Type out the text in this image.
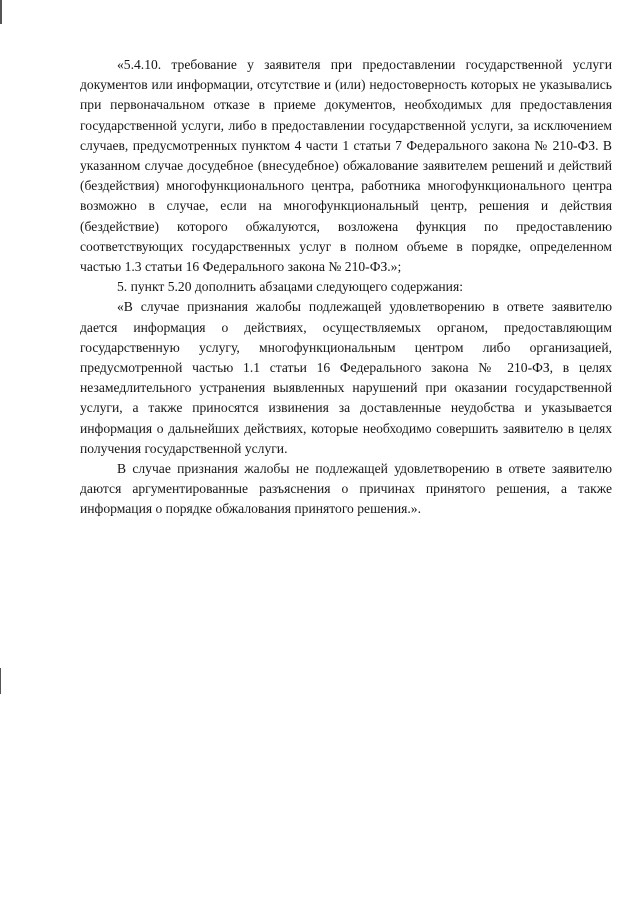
«5.4.10. требование у заявителя при предоставлении государственной услуги документов или информации, отсутствие и (или) недостоверность которых не указывались при первоначальном отказе в приеме документов, необходимых для предоставления государственной услуги, либо в предоставлении государственной услуги, за исключением случаев, предусмотренных пунктом 4 части 1 статьи 7 Федерального закона № 210-ФЗ. В указанном случае досудебное (внесудебное) обжалование заявителем решений и действий (бездействия) многофункционального центра, работника многофункционального центра возможно в случае, если на многофункциональный центр, решения и действия (бездействие) которого обжалуются, возложена функция по предоставлению соответствующих государственных услуг в полном объеме в порядке, определенном частью 1.3 статьи 16 Федерального закона № 210-ФЗ.»;

5. пункт 5.20 дополнить абзацами следующего содержания:

«В случае признания жалобы подлежащей удовлетворению в ответе заявителю дается информация о действиях, осуществляемых органом, предоставляющим государственную услугу, многофункциональным центром либо организацией, предусмотренной частью 1.1 статьи 16 Федерального закона № 210-ФЗ, в целях незамедлительного устранения выявленных нарушений при оказании государственной услуги, а также приносятся извинения за доставленные неудобства и указывается информация о дальнейших действиях, которые необходимо совершить заявителю в целях получения государственной услуги.

В случае признания жалобы не подлежащей удовлетворению в ответе заявителю даются аргументированные разъяснения о причинах принятого решения, а также информация о порядке обжалования принятого решения.».
